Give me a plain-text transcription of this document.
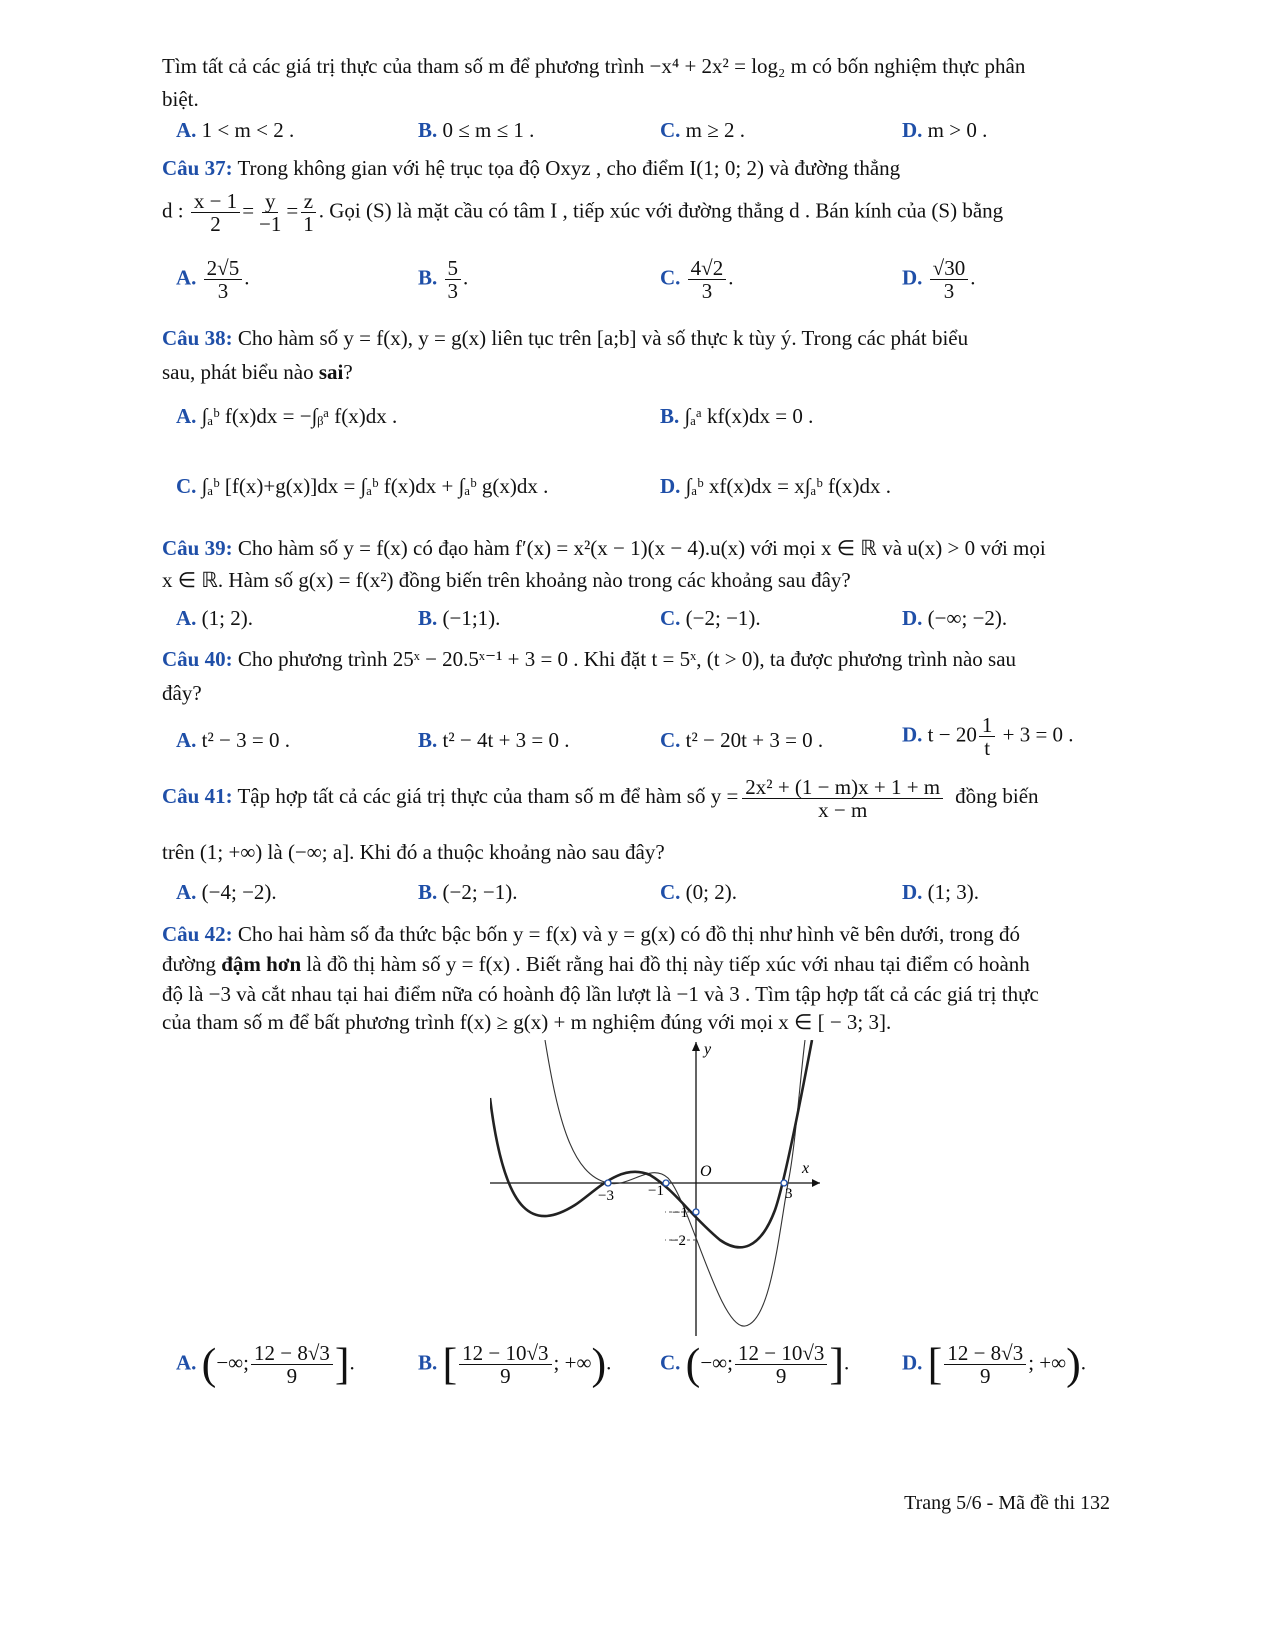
Tìm tất cả các giá trị thực của tham số m để phương trình −x⁴ + 2x² = log₂ m có bốn nghiệm thực phân
biệt.
A. 1 < m < 2 .	B. 0 ≤ m ≤ 1 .	C. m ≥ 2 .	D. m > 0 .
Câu 37: Trong không gian với hệ trục tọa độ Oxyz , cho điểm I(1; 0; 2) và đường thẳng
d : $\frac{x - 1}{2} = \frac{y}{-1} = \frac{z}{1}$ . Gọi (S) là mặt cầu có tâm I , tiếp xúc với đường thẳng d . Bán kính của (S) bằng
A. $\frac{2√5}{3}$ .	B. $\frac{5}{3}$ .	C. $\frac{4√2}{3}$ .	D. $\frac{√30}{3}$ .
Câu 38: Cho hàm số y = f(x), y = g(x) liên tục trên [a;b] và số thực k tùy ý. Trong các phát biểu
sau, phát biểu nào sai?
A. ∫ₐᵇ f(x)dx = −∫ᵦᵃ f(x)dx .	B. ∫ₐᵃ kf(x)dx = 0 .
C. ∫ₐᵇ [f(x)+g(x)]dx = ∫ₐᵇ f(x)dx + ∫ₐᵇ g(x)dx .	D. ∫ₐᵇ xf(x)dx = x∫ₐᵇ f(x)dx .
Câu 39: Cho hàm số y = f(x) có đạo hàm f′(x) = x²(x − 1)(x − 4).u(x) với mọi x ∈ ℝ và u(x) > 0 với mọi
x ∈ ℝ. Hàm số g(x) = f(x²) đồng biến trên khoảng nào trong các khoảng sau đây?
A. (1; 2).	B. (−1;1).	C. (−2; −1).	D. (−∞; −2).
Câu 40: Cho phương trình 25ˣ − 20.5ˣ⁻¹ + 3 = 0 . Khi đặt t = 5ˣ, (t > 0), ta được phương trình nào sau
đây?
A. t² − 3 = 0 .	B. t² − 4t + 3 = 0 .	C. t² − 20t + 3 = 0 .	D. $t - 20 \frac{1}{t} + 3 = 0$ .
Câu 41: Tập hợp tất cả các giá trị thực của tham số m để hàm số $y = \frac{\text{2x² + (1 − m)x + 1 + m}}{x - m}$ đồng biến
trên (1; +∞) là (−∞; a]. Khi đó a thuộc khoảng nào sau đây?
A. (−4; −2).	B. (−2; −1).	C. (0; 2).	D. (1; 3).
Câu 42: Cho hai hàm số đa thức bậc bốn y = f(x) và y = g(x) có đồ thị như hình vẽ bên dưới, trong đó
đường đậm hơn là đồ thị hàm số y = f(x) . Biết rằng hai đồ thị này tiếp xúc với nhau tại điểm có hoành
độ là −3 và cắt nhau tại hai điểm nữa có hoành độ lần lượt là −1 và 3 . Tìm tập hợp tất cả các giá trị thực
của tham số m để bất phương trình f(x) ≥ g(x) + m nghiệm đúng với mọi x ∈ [ − 3; 3].
A. (−∞; $\frac{12 - 8√3}{9}$ ].	B. [ $\frac{12 - 10√3}{9}$ ; +∞). C. (−∞; $\frac{12 - 10√3}{9}$ ].	D. [ $\frac{12 - 8√3}{9}$ ; +∞).
y
x
O
−3 −1	3
−1
−2
Trang 5/6 - Mã đề thi 132
